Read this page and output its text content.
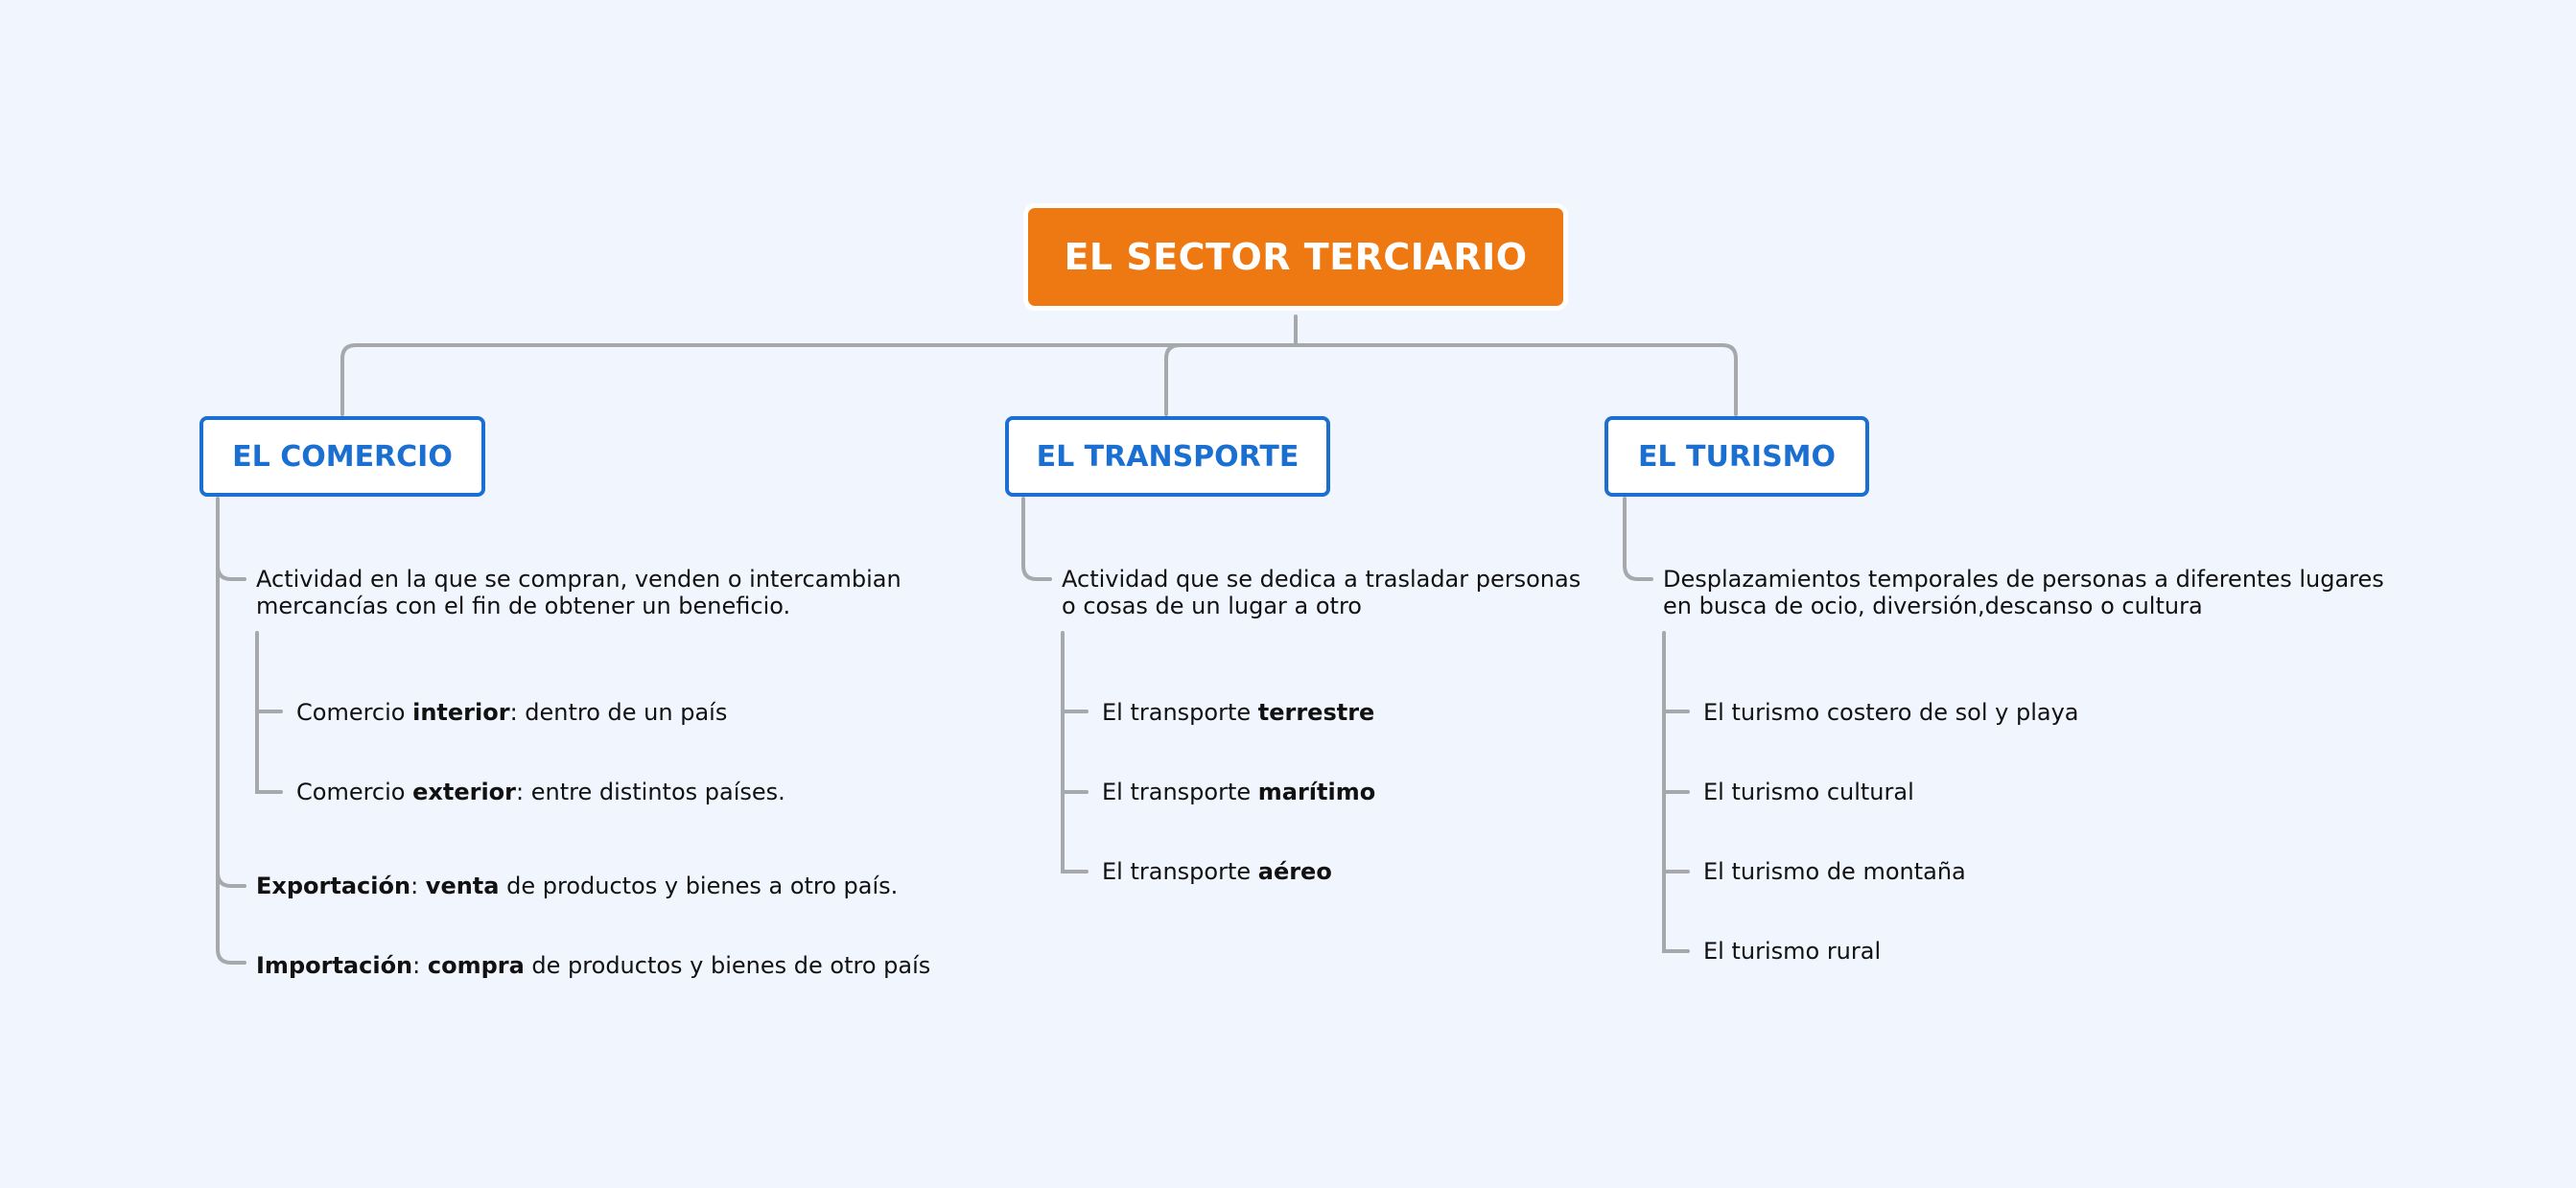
EL SECTOR TERCIARIO
EL COMERCIO	EL TRANSPORTE	EL TURISMO
Actividad en la que se compran, venden o intercambian
mercancías con el fin de obtener un beneficio.
Comercio interior: dentro de un país
Comercio exterior: entre distintos países.
Exportación: venta de productos y bienes a otro país.
Importación: compra de productos y bienes de otro país
Actividad que se dedica a trasladar personas
o cosas de un lugar a otro
El transporte terrestre
El transporte marítimo
El transporte aéreo
Desplazamientos temporales de personas a diferentes lugares
en busca de ocio, diversión,descanso o cultura
El turismo costero de sol y playa
El turismo cultural
El turismo de montaña
El turismo rural
